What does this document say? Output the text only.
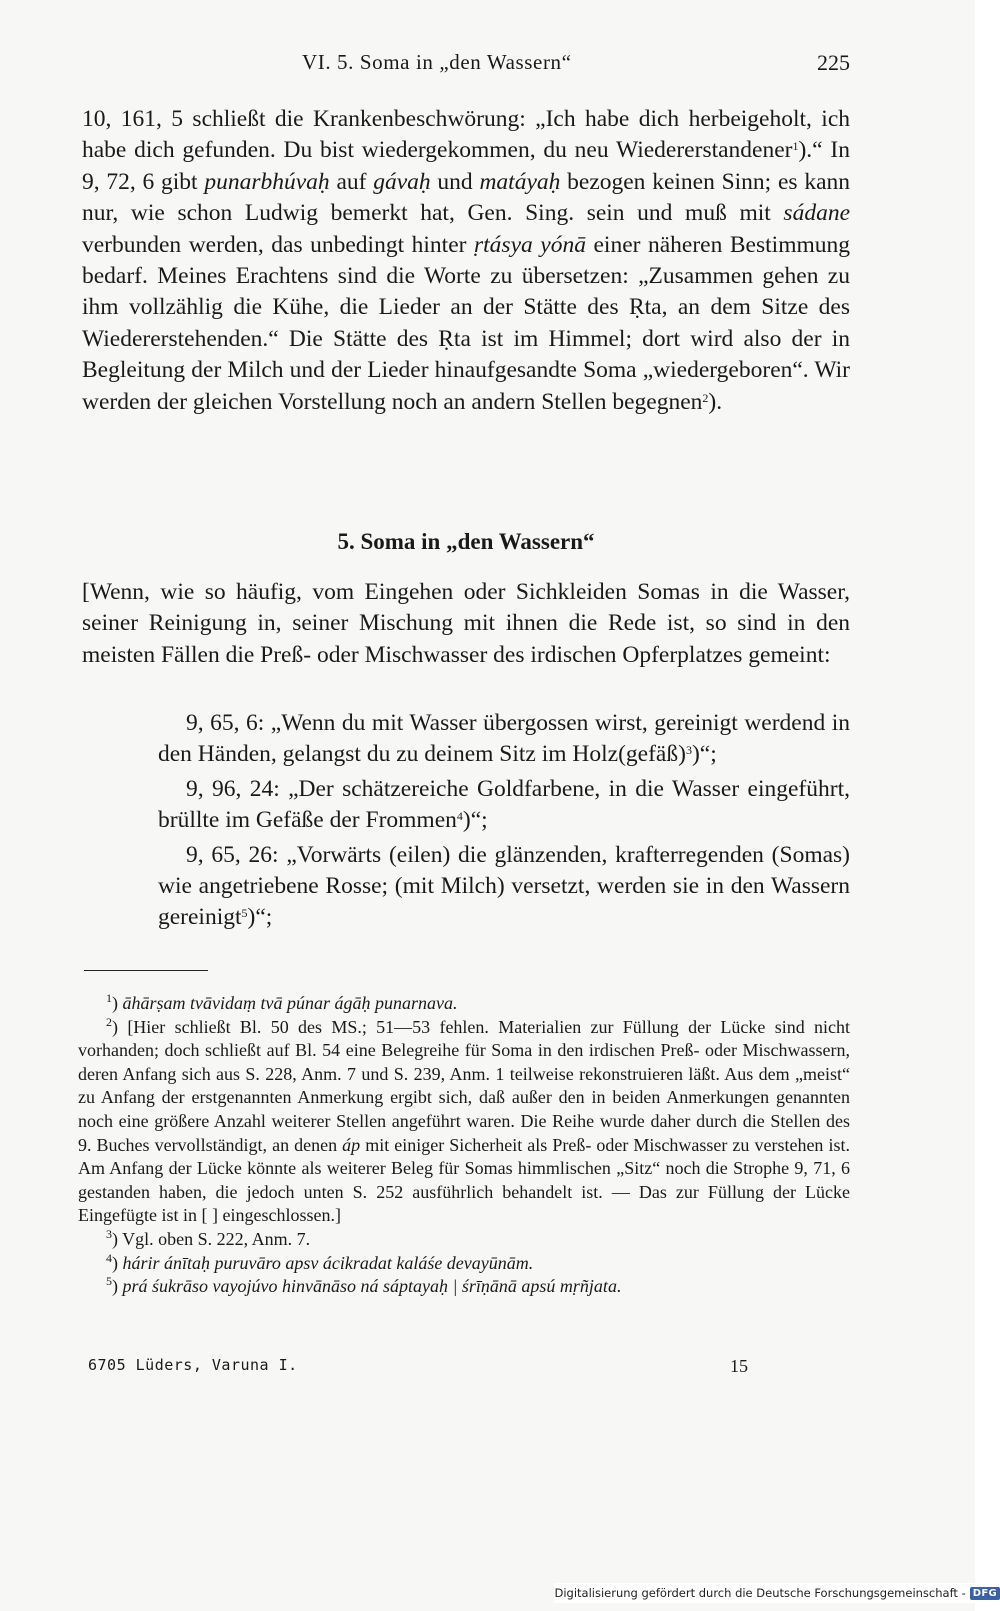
VI. 5. Soma in „den Wassern“	225

10, 161, 5 schließt die Krankenbeschwörung: „Ich habe dich herbeigeholt, ich habe dich gefunden. Du bist wiedergekommen, du neu Wiedererstandener$^1$).“ In 9, 72, 6 gibt punarbhúvaḥ auf gávaḥ und matáyaḥ bezogen keinen Sinn; es kann nur, wie schon Ludwig bemerkt hat, Gen. Sing. sein und muß mit sádane verbunden werden, das unbedingt hinter ṛtásya yónā einer näheren Bestimmung bedarf. Meines Erachtens sind die Worte zu übersetzen: „Zusammen gehen zu ihm vollzählig die Kühe, die Lieder an der Stätte des Ṛta, an dem Sitze des Wiedererstehenden.“ Die Stätte des Ṛta ist im Himmel; dort wird also der in Begleitung der Milch und der Lieder hinaufgesandte Soma „wiedergeboren“. Wir werden der gleichen Vorstellung noch an andern Stellen begegnen$^2$).

5. Soma in „den Wassern“

[Wenn, wie so häufig, vom Eingehen oder Sichkleiden Somas in die Wasser, seiner Reinigung in, seiner Mischung mit ihnen die Rede ist, so sind in den meisten Fällen die Preß- oder Mischwasser des irdischen Opferplatzes gemeint:

9, 65, 6: „Wenn du mit Wasser übergossen wirst, gereinigt werdend in den Händen, gelangst du zu deinem Sitz im Holz(gefäß)$^3$)“;

9, 96, 24: „Der schätzereiche Goldfarbene, in die Wasser eingeführt, brüllte im Gefäße der Frommen$^4$)“;

9, 65, 26: „Vorwärts (eilen) die glänzenden, krafterregenden (Somas) wie angetriebene Rosse; (mit Milch) versetzt, werden sie in den Wassern gereinigt$^5$)“;

$^1$) āhārṣam tvāvidaṃ tvā púnar ágāḥ punarnava.

$^2$) [Hier schließt Bl. 50 des MS.; 51—53 fehlen. Materialien zur Füllung der Lücke sind nicht vorhanden; doch schließt auf Bl. 54 eine Belegreihe für Soma in den irdischen Preß- oder Mischwassern, deren Anfang sich aus S. 228, Anm. 7 und S. 239, Anm. 1 teilweise rekonstruieren läßt. Aus dem „meist“ zu Anfang der erstgenannten Anmerkung ergibt sich, daß außer den in beiden Anmerkungen genannten noch eine größere Anzahl weiterer Stellen angeführt waren. Die Reihe wurde daher durch die Stellen des 9. Buches vervollständigt, an denen áp mit einiger Sicherheit als Preß- oder Mischwasser zu verstehen ist. Am Anfang der Lücke könnte als weiterer Beleg für Somas himmlischen „Sitz“ noch die Strophe 9, 71, 6 gestanden haben, die jedoch unten S. 252 ausführlich behandelt ist. — Das zur Füllung der Lücke Eingefügte ist in [ ] eingeschlossen.]

$^3$) Vgl. oben S. 222, Anm. 7.

$^4$) hárir ánītaḥ puruvāro apsv ácikradat kaláśe devayūnām.

$^5$) prá śukrāso vayojúvo hinvānāso ná sáptayaḥ | śrīṇānā apsú mṛñjata.

6705 Lüders, Varuna I.	15
Digitalisierung gefördert durch die Deutsche Forschungsgemeinschaft - DFG
